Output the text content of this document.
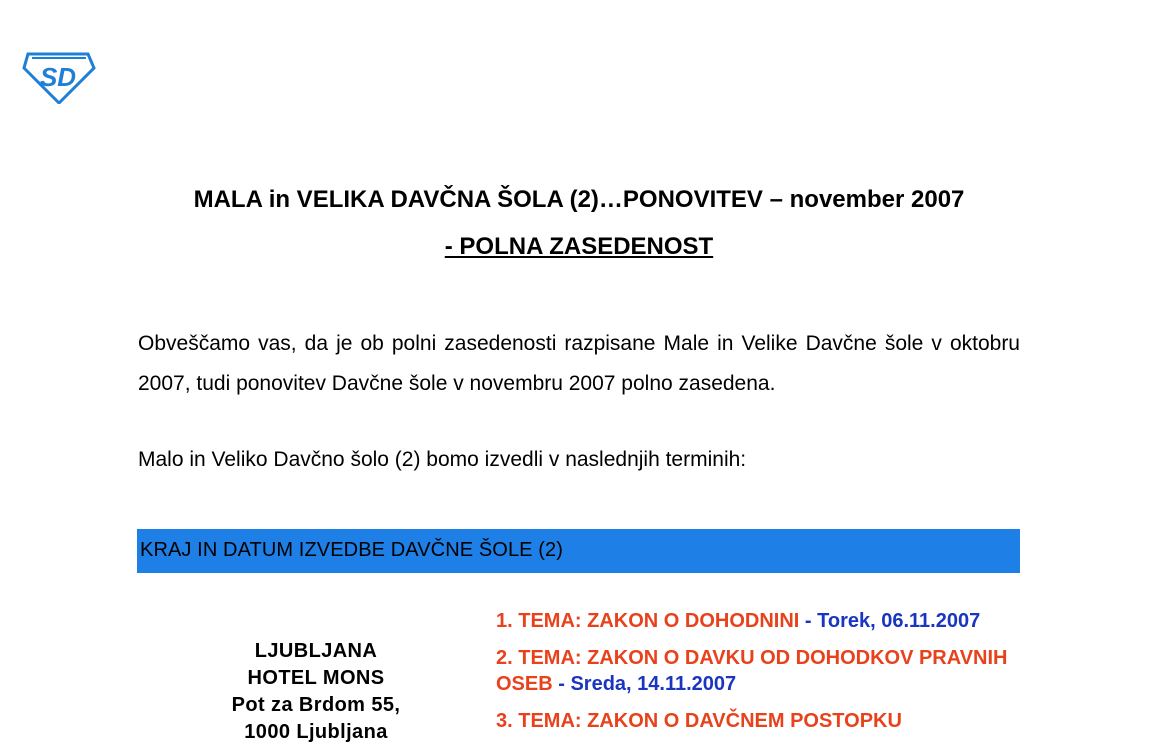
SD
MALA in VELIKA DAVČNA ŠOLA (2)…PONOVITEV – november 2007
- POLNA ZASEDENOST
Obveščamo vas, da je ob polni zasedenosti razpisane Male in Velike Davčne šole v oktobru 2007, tudi ponovitev Davčne šole v novembru 2007 polno zasedena.
Malo in Veliko Davčno šolo (2) bomo izvedli v naslednjih terminih:
KRAJ IN DATUM IZVEDBE DAVČNE ŠOLE (2)
LJUBLJANA
HOTEL MONS
Pot za Brdom 55,
1000 Ljubljana
1. TEMA: ZAKON O DOHODNINI - Torek, 06.11.2007
2. TEMA: ZAKON O DAVKU OD DOHODKOV PRAVNIH OSEB - Sreda, 14.11.2007
3. TEMA: ZAKON O DAVČNEM POSTOPKU
